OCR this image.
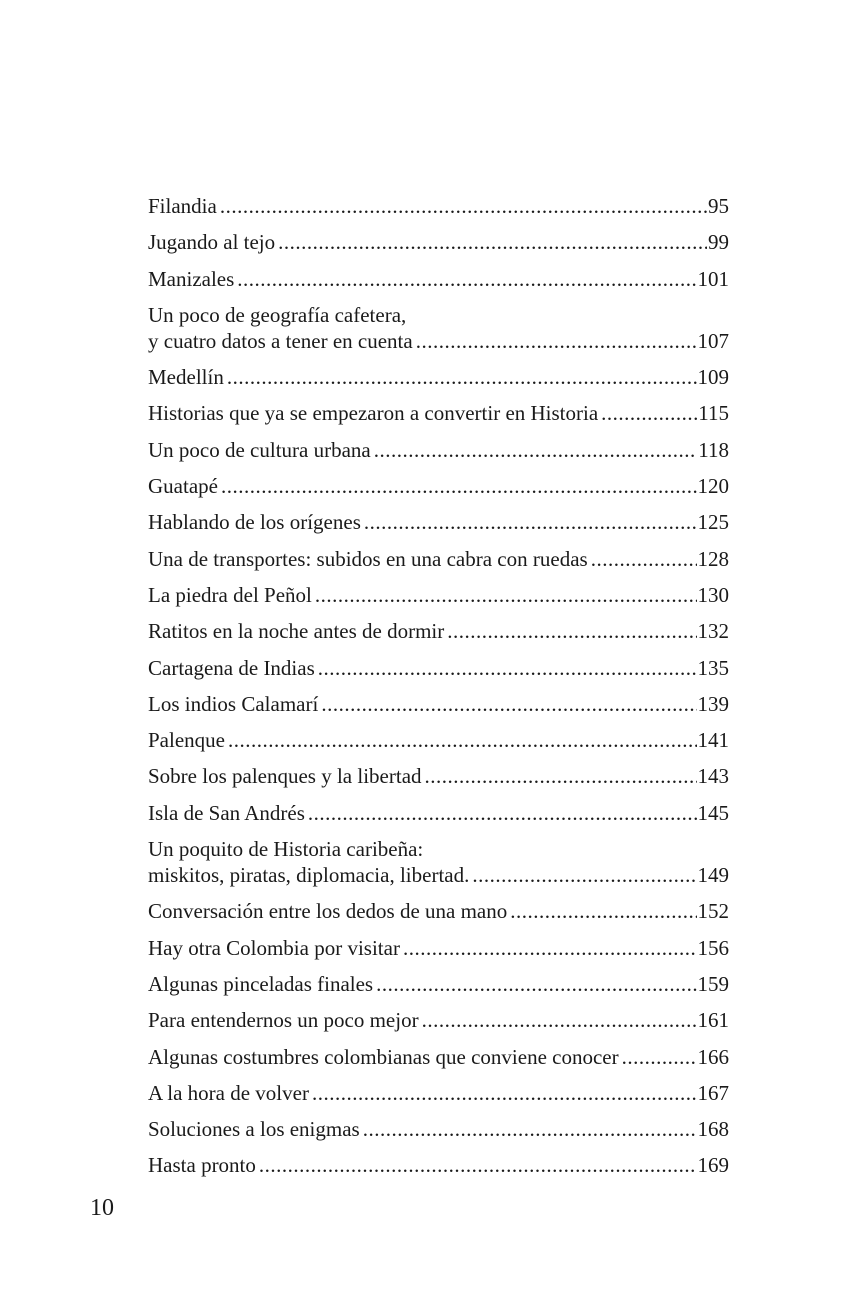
Filandia .....	95
Jugando al tejo .....	99
Manizales .....	101
Un poco de geografía cafetera,
y cuatro datos a tener en cuenta .....	107
Medellín .....	109
Historias que ya se empezaron a convertir en Historia .....	115
Un poco de cultura urbana .....	118
Guatapé .....	120
Hablando de los orígenes .....	125
Una de transportes: subidos en una cabra con ruedas .....	128
La piedra del Peñol .....	130
Ratitos en la noche antes de dormir .....	132
Cartagena de Indias .....	135
Los indios Calamarí .....	139
Palenque .....	141
Sobre los palenques y la libertad .....	143
Isla de San Andrés .....	145
Un poquito de Historia caribeña:
miskitos, piratas, diplomacia, libertad. .....	149
Conversación entre los dedos de una mano .....	152
Hay otra Colombia por visitar .....	156
Algunas pinceladas finales .....	159
Para entendernos un poco mejor .....	161
Algunas costumbres colombianas que conviene conocer .....	166
A la hora de volver .....	167
Soluciones a los enigmas .....	168
Hasta pronto .....	169
10
